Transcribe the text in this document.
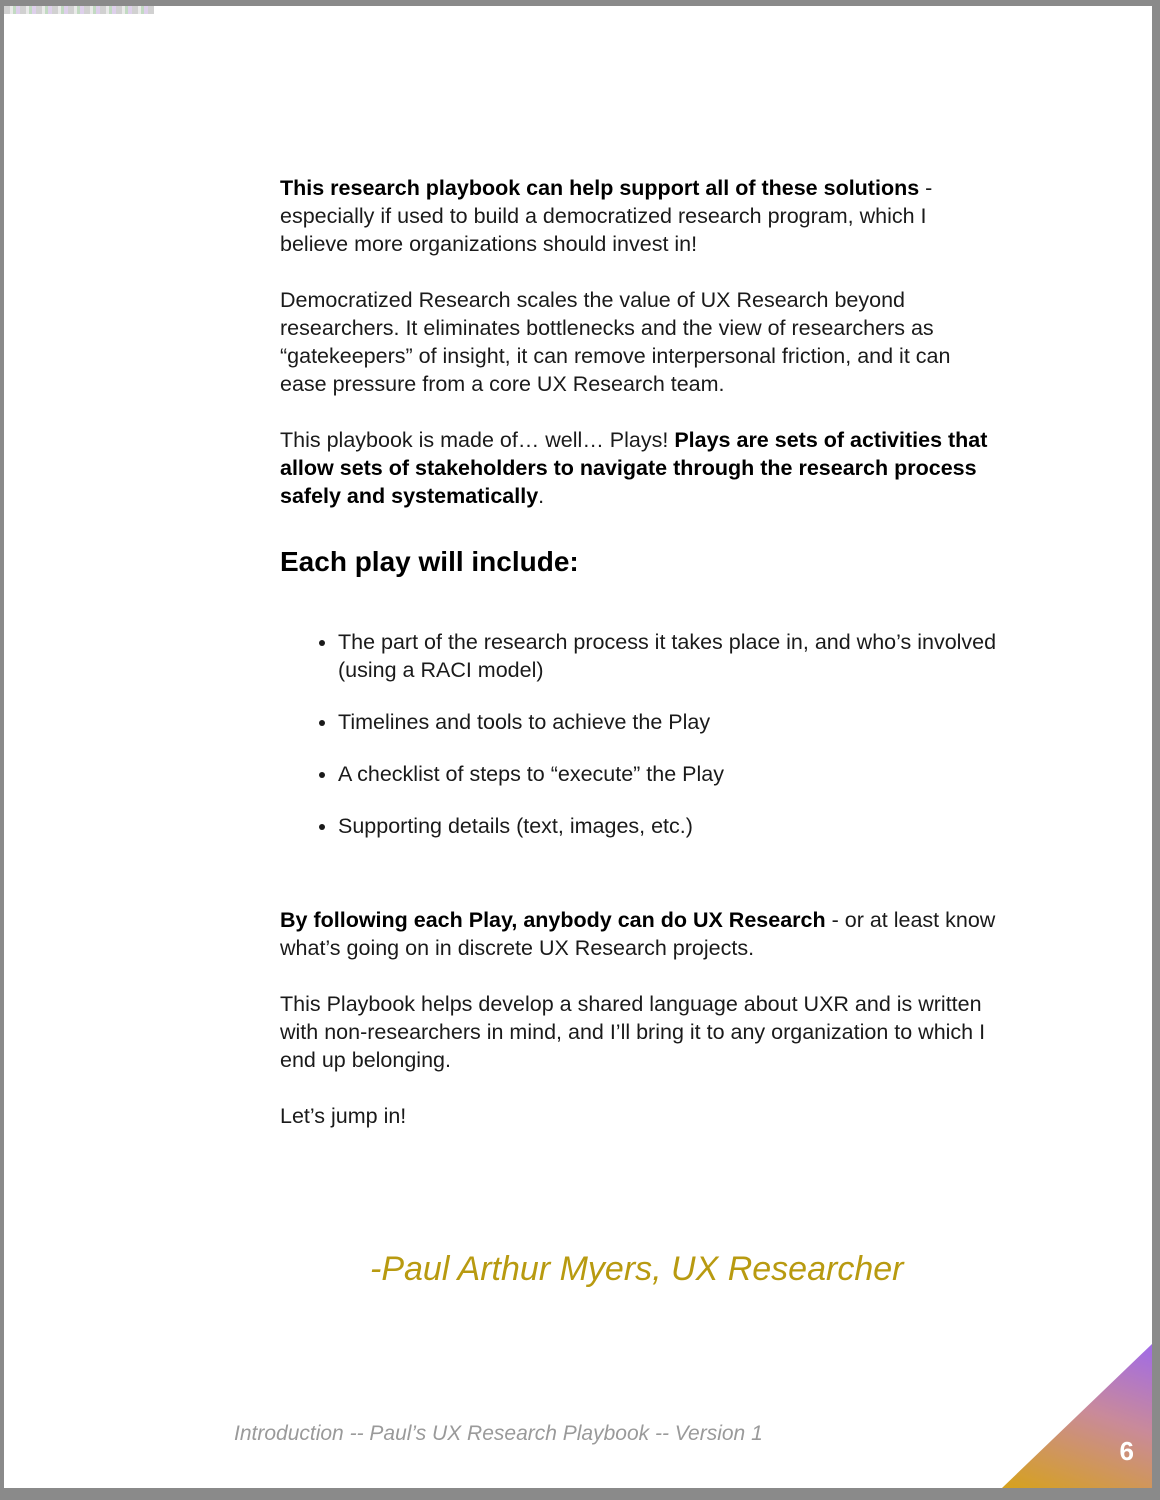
This research playbook can help support all of these solutions - especially if used to build a democratized research program, which I believe more organizations should invest in!

Democratized Research scales the value of UX Research beyond researchers. It eliminates bottlenecks and the view of researchers as “gatekeepers” of insight, it can remove interpersonal friction, and it can ease pressure from a core UX Research team.

This playbook is made of… well… Plays! Plays are sets of activities that allow sets of stakeholders to navigate through the research process safely and systematically.

Each play will include:
• The part of the research process it takes place in, and who’s involved (using a RACI model)
• Timelines and tools to achieve the Play
• A checklist of steps to “execute” the Play
• Supporting details (text, images, etc.)

By following each Play, anybody can do UX Research - or at least know what’s going on in discrete UX Research projects.

This Playbook helps develop a shared language about UXR and is written with non-researchers in mind, and I’ll bring it to any organization to which I end up belonging.

Let’s jump in!

-Paul Arthur Myers, UX Researcher
Introduction -- Paul’s UX Research Playbook -- Version 1
6
